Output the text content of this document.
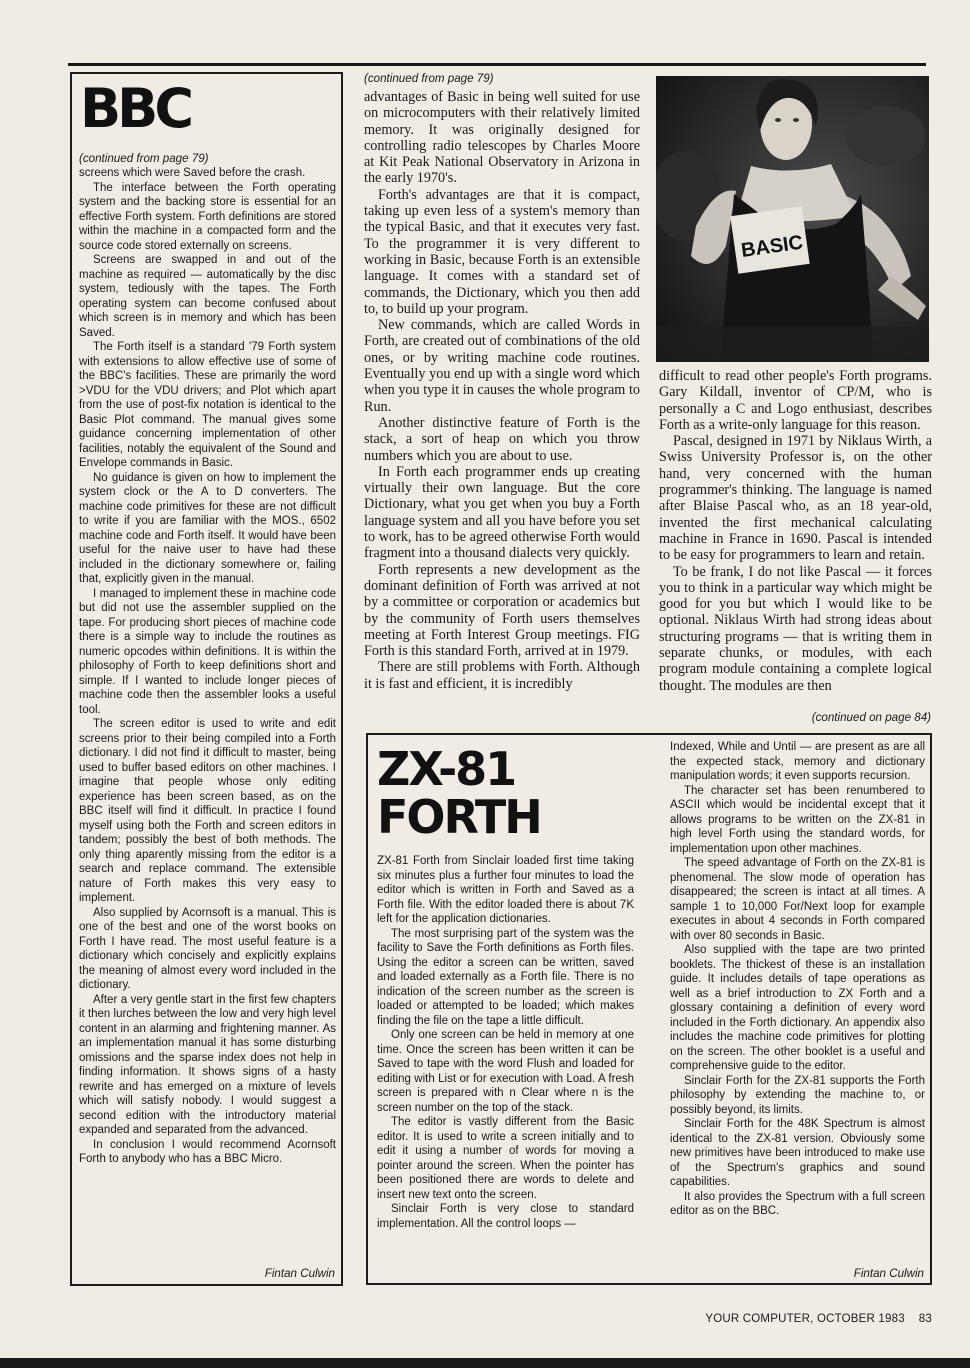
BBC
(continued from page 79)

screens which were Saved before the crash.

The interface between the Forth operating system and the backing store is essential for an effective Forth system. Forth definitions are stored within the machine in a compacted form and the source code stored externally on screens.

Screens are swapped in and out of the machine as required — automatically by the disc system, tediously with the tapes. The Forth operating system can become confused about which screen is in memory and which has been Saved.

The Forth itself is a standard '79 Forth system with extensions to allow effective use of some of the BBC's facilities. These are primarily the word >VDU for the VDU drivers; and Plot which apart from the use of post-fix notation is identical to the Basic Plot command. The manual gives some guidance concerning implementation of other facilities, notably the equivalent of the Sound and Envelope commands in Basic.

No guidance is given on how to implement the system clock or the A to D converters. The machine code primitives for these are not difficult to write if you are familiar with the MOS., 6502 machine code and Forth itself. It would have been useful for the naive user to have had these included in the dictionary somewhere or, failing that, explicitly given in the manual.

I managed to implement these in machine code but did not use the assembler supplied on the tape. For producing short pieces of machine code there is a simple way to include the routines as numeric opcodes within definitions. It is within the philosophy of Forth to keep definitions short and simple. If I wanted to include longer pieces of machine code then the assembler looks a useful tool.

The screen editor is used to write and edit screens prior to their being compiled into a Forth dictionary. I did not find it difficult to master, being used to buffer based editors on other machines. I imagine that people whose only editing experience has been screen based, as on the BBC itself will find it difficult. In practice I found myself using both the Forth and screen editors in tandem; possibly the best of both methods. The only thing aparently missing from the editor is a search and replace command. The extensible nature of Forth makes this very easy to implement.

Also supplied by Acornsoft is a manual. This is one of the best and one of the worst books on Forth I have read. The most useful feature is a dictionary which concisely and explicitly explains the meaning of almost every word included in the dictionary.

After a very gentle start in the first few chapters it then lurches between the low and very high level content in an alarming and frightening manner. As an implementation manual it has some disturbing omissions and the sparse index does not help in finding information. It shows signs of a hasty rewrite and has emerged on a mixture of levels which will satisfy nobody. I would suggest a second edition with the introductory material expanded and separated from the advanced.

In conclusion I would recommend Acornsoft Forth to anybody who has a BBC Micro.

Fintan Culwin
(continued from page 79)

advantages of Basic in being well suited for use on microcomputers with their relatively limited memory. It was originally designed for controlling radio telescopes by Charles Moore at Kit Peak National Observatory in Arizona in the early 1970's.

Forth's advantages are that it is compact, taking up even less of a system's memory than the typical Basic, and that it executes very fast. To the programmer it is very different to working in Basic, because Forth is an extensible language. It comes with a standard set of commands, the Dictionary, which you then add to, to build up your program.

New commands, which are called Words in Forth, are created out of combinations of the old ones, or by writing machine code routines. Eventually you end up with a single word which when you type it in causes the whole program to Run.

Another distinctive feature of Forth is the stack, a sort of heap on which you throw numbers which you are about to use.

In Forth each programmer ends up creating virtually their own language. But the core Dictionary, what you get when you buy a Forth language system and all you have before you set to work, has to be agreed otherwise Forth would fragment into a thousand dialects very quickly.

Forth represents a new development as the dominant definition of Forth was arrived at not by a committee or corporation or academics but by the community of Forth users themselves meeting at Forth Interest Group meetings. FIG Forth is this standard Forth, arrived at in 1979.

There are still problems with Forth. Although it is fast and efficient, it is incredibly

BASIC

difficult to read other people's Forth programs. Gary Kildall, inventor of CP/M, who is personally a C and Logo enthusiast, describes Forth as a write-only language for this reason.

Pascal, designed in 1971 by Niklaus Wirth, a Swiss University Professor is, on the other hand, very concerned with the human programmer's thinking. The language is named after Blaise Pascal who, as an 18 year-old, invented the first mechanical calculating machine in France in 1690. Pascal is intended to be easy for programmers to learn and retain.

To be frank, I do not like Pascal — it forces you to think in a particular way which might be good for you but which I would like to be optional. Niklaus Wirth had strong ideas about structuring programs — that is writing them in separate chunks, or modules, with each program module containing a complete logical thought. The modules are then

(continued on page 84)
ZX-81
FORTH

ZX-81 Forth from Sinclair loaded first time taking six minutes plus a further four minutes to load the editor which is written in Forth and Saved as a Forth file. With the editor loaded there is about 7K left for the application dictionaries.

The most surprising part of the system was the facility to Save the Forth definitions as Forth files. Using the editor a screen can be written, saved and loaded externally as a Forth file. There is no indication of the screen number as the screen is loaded or attempted to be loaded; which makes finding the file on the tape a little difficult.

Only one screen can be held in memory at one time. Once the screen has been written it can be Saved to tape with the word Flush and loaded for editing with List or for execution with Load. A fresh screen is prepared with n Clear where n is the screen number on the top of the stack.

The editor is vastly different from the Basic editor. It is used to write a screen initially and to edit it using a number of words for moving a pointer around the screen. When the pointer has been positioned there are words to delete and insert new text onto the screen.

Sinclair Forth is very close to standard implementation. All the control loops —

Indexed, While and Until — are present as are all the expected stack, memory and dictionary manipulation words; it even supports recursion.

The character set has been renumbered to ASCII which would be incidental except that it allows programs to be written on the ZX-81 in high level Forth using the standard words, for implementation upon other machines.

The speed advantage of Forth on the ZX-81 is phenomenal. The slow mode of operation has disappeared; the screen is intact at all times. A sample 1 to 10,000 For/Next loop for example executes in about 4 seconds in Forth compared with over 80 seconds in Basic.

Also supplied with the tape are two printed booklets. The thickest of these is an installation guide. It includes details of tape operations as well as a brief introduction to ZX Forth and a glossary containing a definition of every word included in the Forth dictionary. An appendix also includes the machine code primitives for plotting on the screen. The other booklet is a useful and comprehensive guide to the editor.

Sinclair Forth for the ZX-81 supports the Forth philosophy by extending the machine to, or possibly beyond, its limits.

Sinclair Forth for the 48K Spectrum is almost identical to the ZX-81 version. Obviously some new primitives have been introduced to make use of the Spectrum's graphics and sound capabilities.

It also provides the Spectrum with a full screen editor as on the BBC.

Fintan Culwin
YOUR COMPUTER, OCTOBER 1983 83
